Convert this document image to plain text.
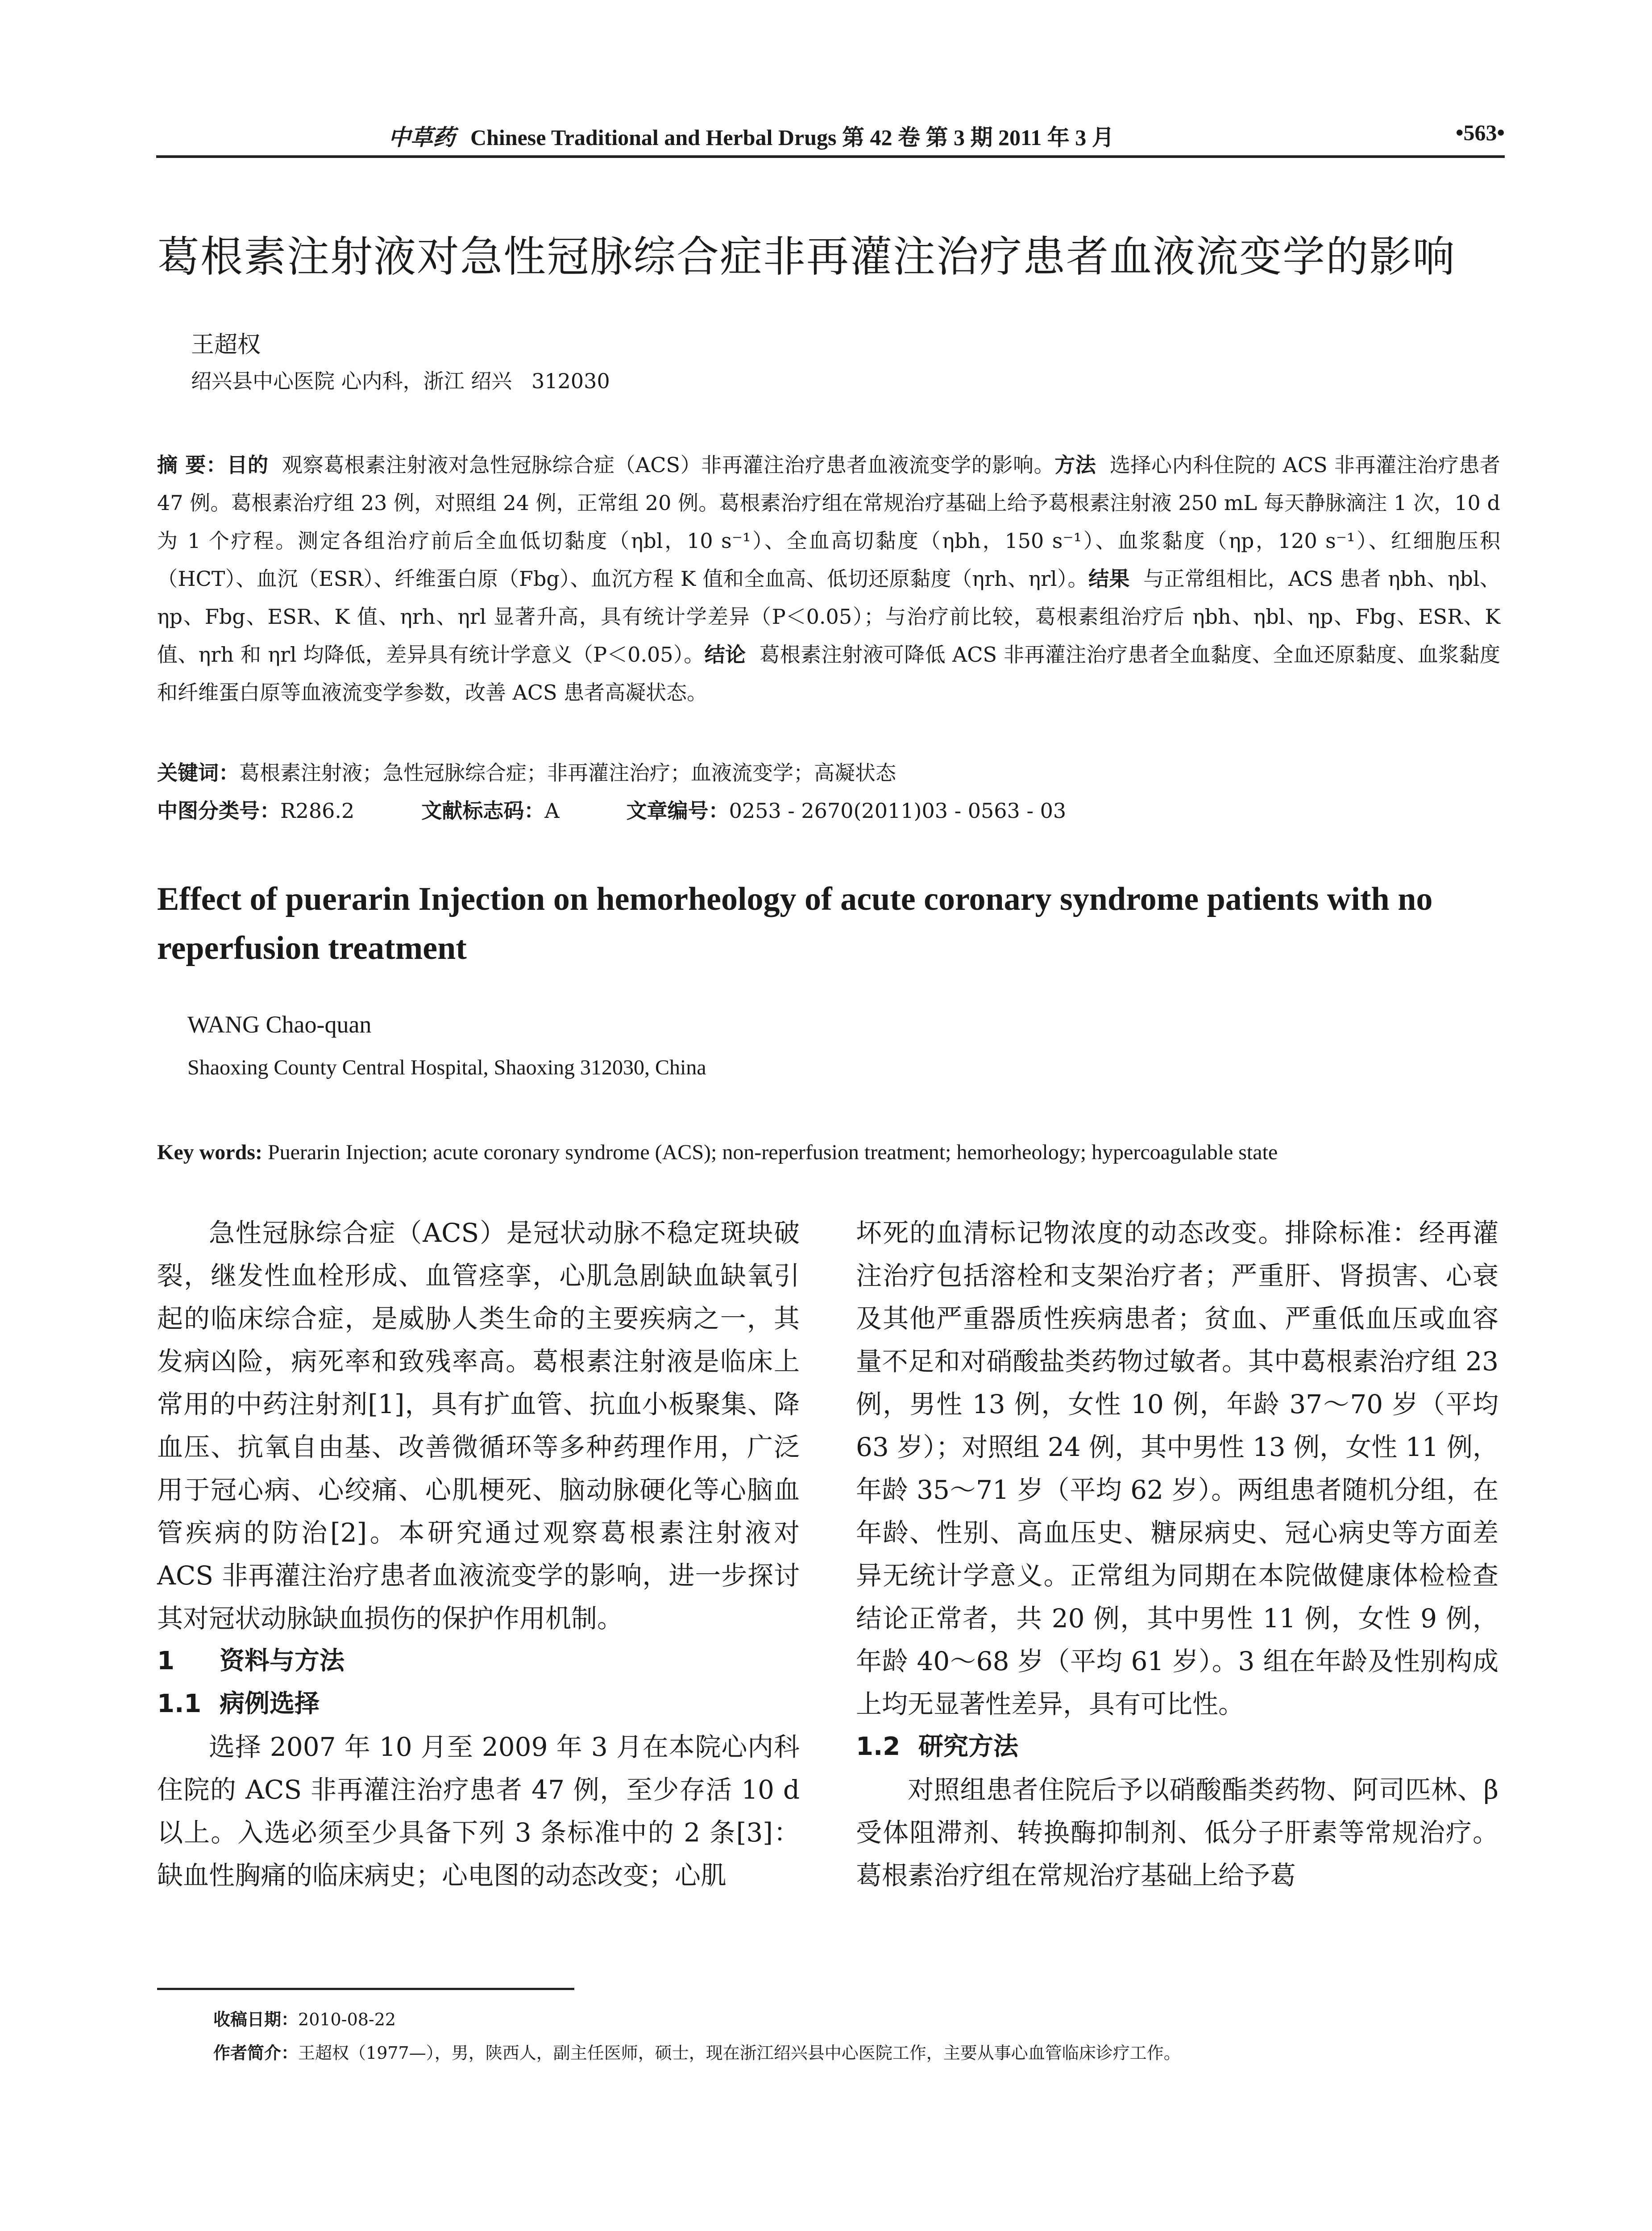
中草药 Chinese Traditional and Herbal Drugs 第 42 卷 第 3 期 2011 年 3 月	•563•
葛根素注射液对急性冠脉综合症非再灌注治疗患者血液流变学的影响
王超权
绍兴县中心医院 心内科，浙江 绍兴   312030
摘 要：目的 观察葛根素注射液对急性冠脉综合症（ACS）非再灌注治疗患者血液流变学的影响。方法 选择心内科住院的 ACS 非再灌注治疗患者 47 例。葛根素治疗组 23 例，对照组 24 例，正常组 20 例。葛根素治疗组在常规治疗基础上给予葛根素注射液 250 mL 每天静脉滴注 1 次，10 d 为 1 个疗程。测定各组治疗前后全血低切黏度（ηbl，10 s⁻¹）、全血高切黏度（ηbh，150 s⁻¹）、血浆黏度（ηp，120 s⁻¹）、红细胞压积（HCT）、血沉（ESR）、纤维蛋白原（Fbg）、血沉方程 K 值和全血高、低切还原黏度（ηrh、ηrl）。结果 与正常组相比，ACS 患者 ηbh、ηbl、ηp、Fbg、ESR、K 值、ηrh、ηrl 显著升高，具有统计学差异（P＜0.05）；与治疗前比较，葛根素组治疗后 ηbh、ηbl、ηp、Fbg、ESR、K 值、ηrh 和 ηrl 均降低，差异具有统计学意义（P＜0.05）。结论 葛根素注射液可降低 ACS 非再灌注治疗患者全血黏度、全血还原黏度、血浆黏度和纤维蛋白原等血液流变学参数，改善 ACS 患者高凝状态。
关键词：葛根素注射液；急性冠脉综合症；非再灌注治疗；血液流变学；高凝状态
中图分类号：R286.2	文献标志码：A	文章编号：0253 - 2670(2011)03 - 0563 - 03
Effect of puerarin Injection on hemorheology of acute coronary syndrome patients with no reperfusion treatment
WANG Chao-quan
Shaoxing County Central Hospital, Shaoxing 312030, China
Key words: Puerarin Injection; acute coronary syndrome (ACS); non-reperfusion treatment; hemorheology; hypercoagulable state

急性冠脉综合症（ACS）是冠状动脉不稳定斑块破裂，继发性血栓形成、血管痉挛，心肌急剧缺血缺氧引起的临床综合症，是威胁人类生命的主要疾病之一，其发病凶险，病死率和致残率高。葛根素注射液是临床上常用的中药注射剂[1]，具有扩血管、抗血小板聚集、降血压、抗氧自由基、改善微循环等多种药理作用，广泛用于冠心病、心绞痛、心肌梗死、脑动脉硬化等心脑血管疾病的防治[2]。本研究通过观察葛根素注射液对 ACS 非再灌注治疗患者血液流变学的影响，进一步探讨其对冠状动脉缺血损伤的保护作用机制。

1 资料与方法
1.1 病例选择

选择 2007 年 10 月至 2009 年 3 月在本院心内科住院的 ACS 非再灌注治疗患者 47 例，至少存活 10 d 以上。入选必须至少具备下列 3 条标准中的 2 条[3]：缺血性胸痛的临床病史；心电图的动态改变；心肌

坏死的血清标记物浓度的动态改变。排除标准：经再灌注治疗包括溶栓和支架治疗者；严重肝、肾损害、心衰及其他严重器质性疾病患者；贫血、严重低血压或血容量不足和对硝酸盐类药物过敏者。其中葛根素治疗组 23 例，男性 13 例，女性 10 例，年龄 37～70 岁（平均 63 岁）；对照组 24 例，其中男性 13 例，女性 11 例，年龄 35～71 岁（平均 62 岁）。两组患者随机分组，在年龄、性别、高血压史、糖尿病史、冠心病史等方面差异无统计学意义。正常组为同期在本院做健康体检检查结论正常者，共 20 例，其中男性 11 例，女性 9 例，年龄 40～68 岁（平均 61 岁）。3 组在年龄及性别构成上均无显著性差异，具有可比性。

1.2 研究方法

对照组患者住院后予以硝酸酯类药物、阿司匹林、β 受体阻滞剂、转换酶抑制剂、低分子肝素等常规治疗。葛根素治疗组在常规治疗基础上给予葛

收稿日期：2010-08-22
作者简介：王超权（1977—），男，陕西人，副主任医师，硕士，现在浙江绍兴县中心医院工作，主要从事心血管临床诊疗工作。
